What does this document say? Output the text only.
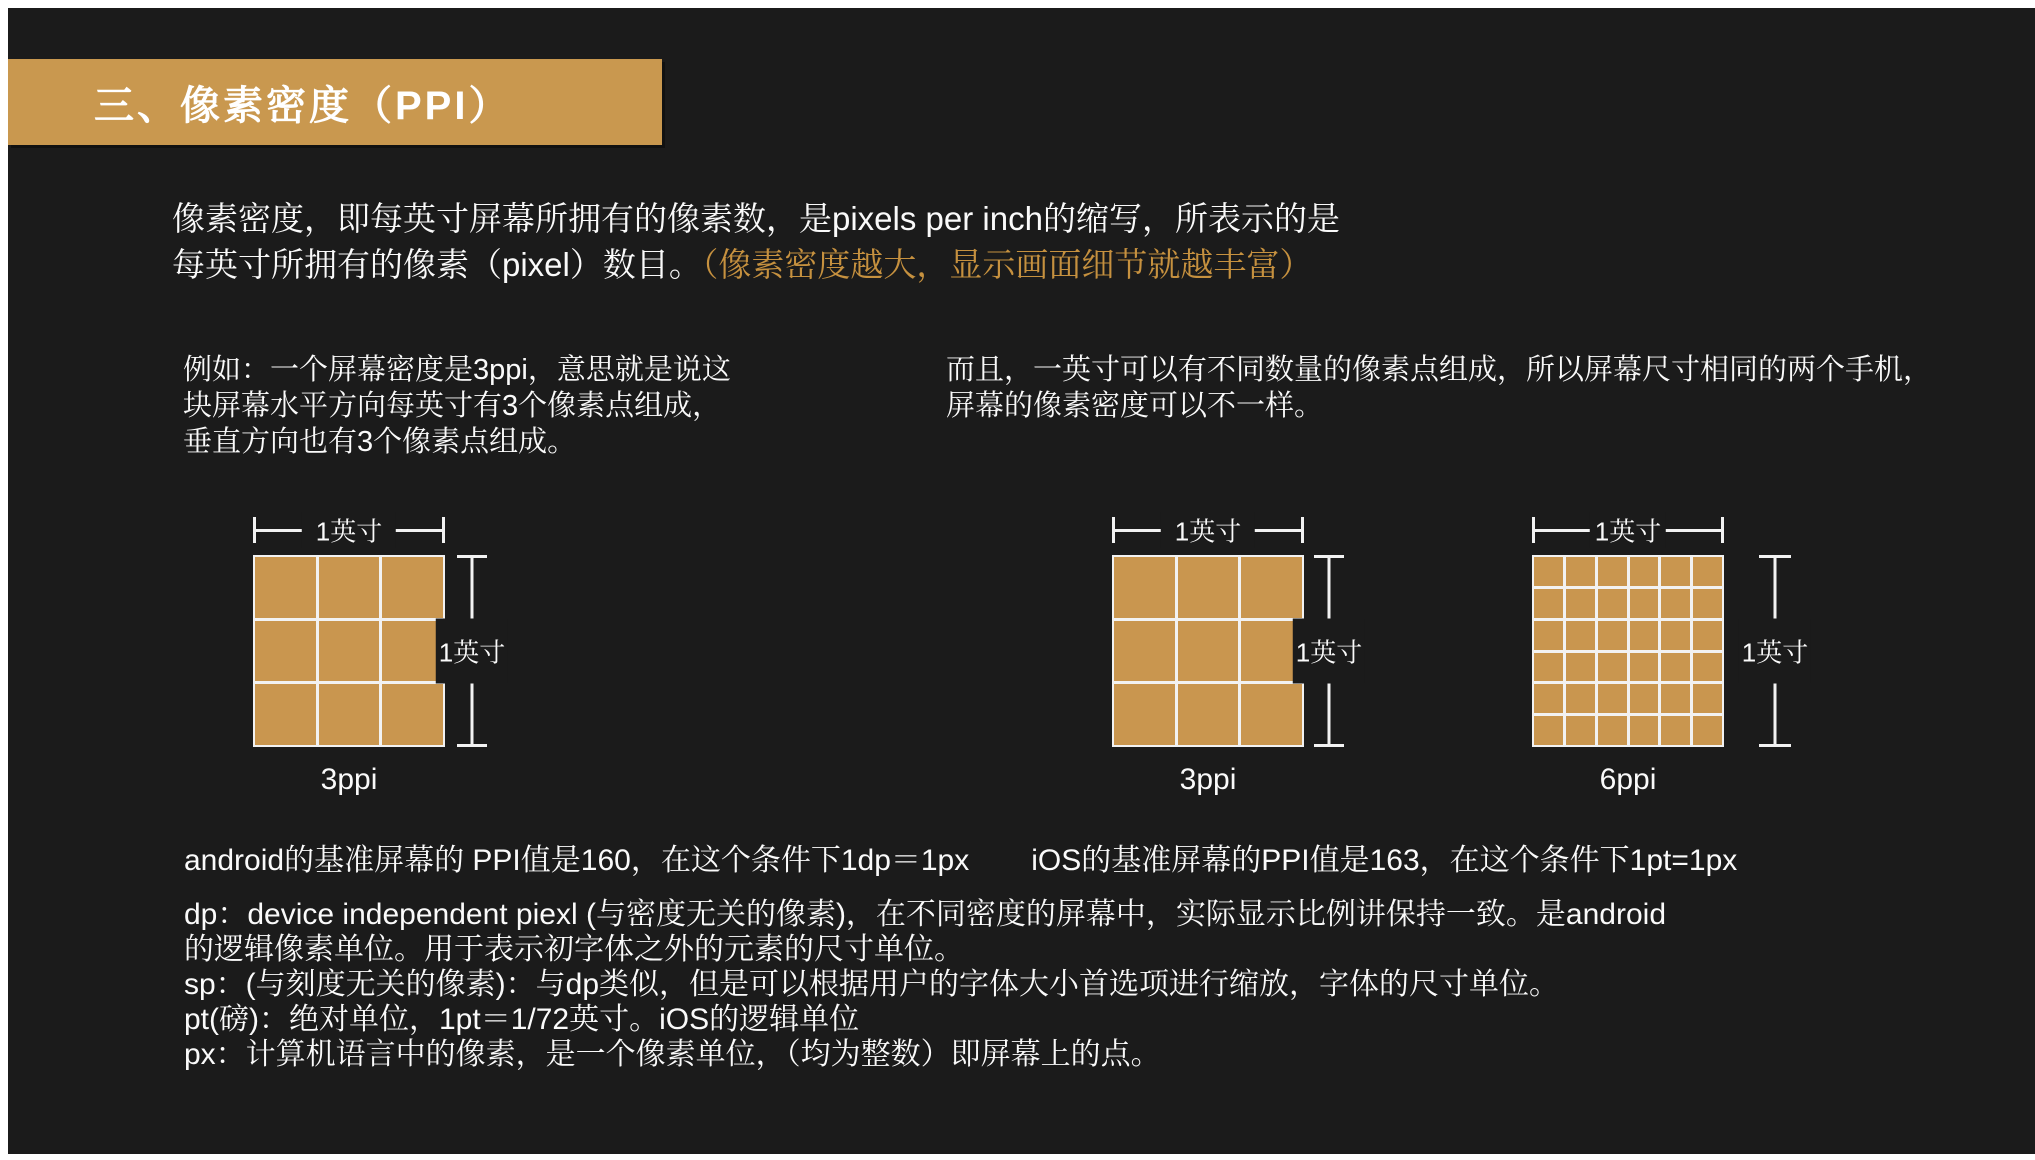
三、像素密度（PPI）
像素密度，即每英寸屏幕所拥有的像素数，是pixels per inch的缩写，所表示的是
每英寸所拥有的像素（pixel）数目。（像素密度越大，显示画面细节就越丰富）
例如：一个屏幕密度是3ppi，意思就是说这
块屏幕水平方向每英寸有3个像素点组成，
垂直方向也有3个像素点组成。
而且，一英寸可以有不同数量的像素点组成，所以屏幕尺寸相同的两个手机，
屏幕的像素密度可以不一样。
1英寸
1英寸
3ppi
1英寸
1英寸
3ppi
1英寸
1英寸
6ppi
android的基准屏幕的 PPI值是160，在这个条件下1dp＝1px iOS的基准屏幕的PPI值是163，在这个条件下1pt=1px
dp：device independent piexl (与密度无关的像素)，在不同密度的屏幕中，实际显示比例讲保持一致。是android
的逻辑像素单位。用于表示初字体之外的元素的尺寸单位。
sp：(与刻度无关的像素)：与dp类似，但是可以根据用户的字体大小首选项进行缩放，字体的尺寸单位。
pt(磅)：绝对单位，1pt＝1/72英寸。iOS的逻辑单位
px：计算机语言中的像素，是一个像素单位，（均为整数）即屏幕上的点。
